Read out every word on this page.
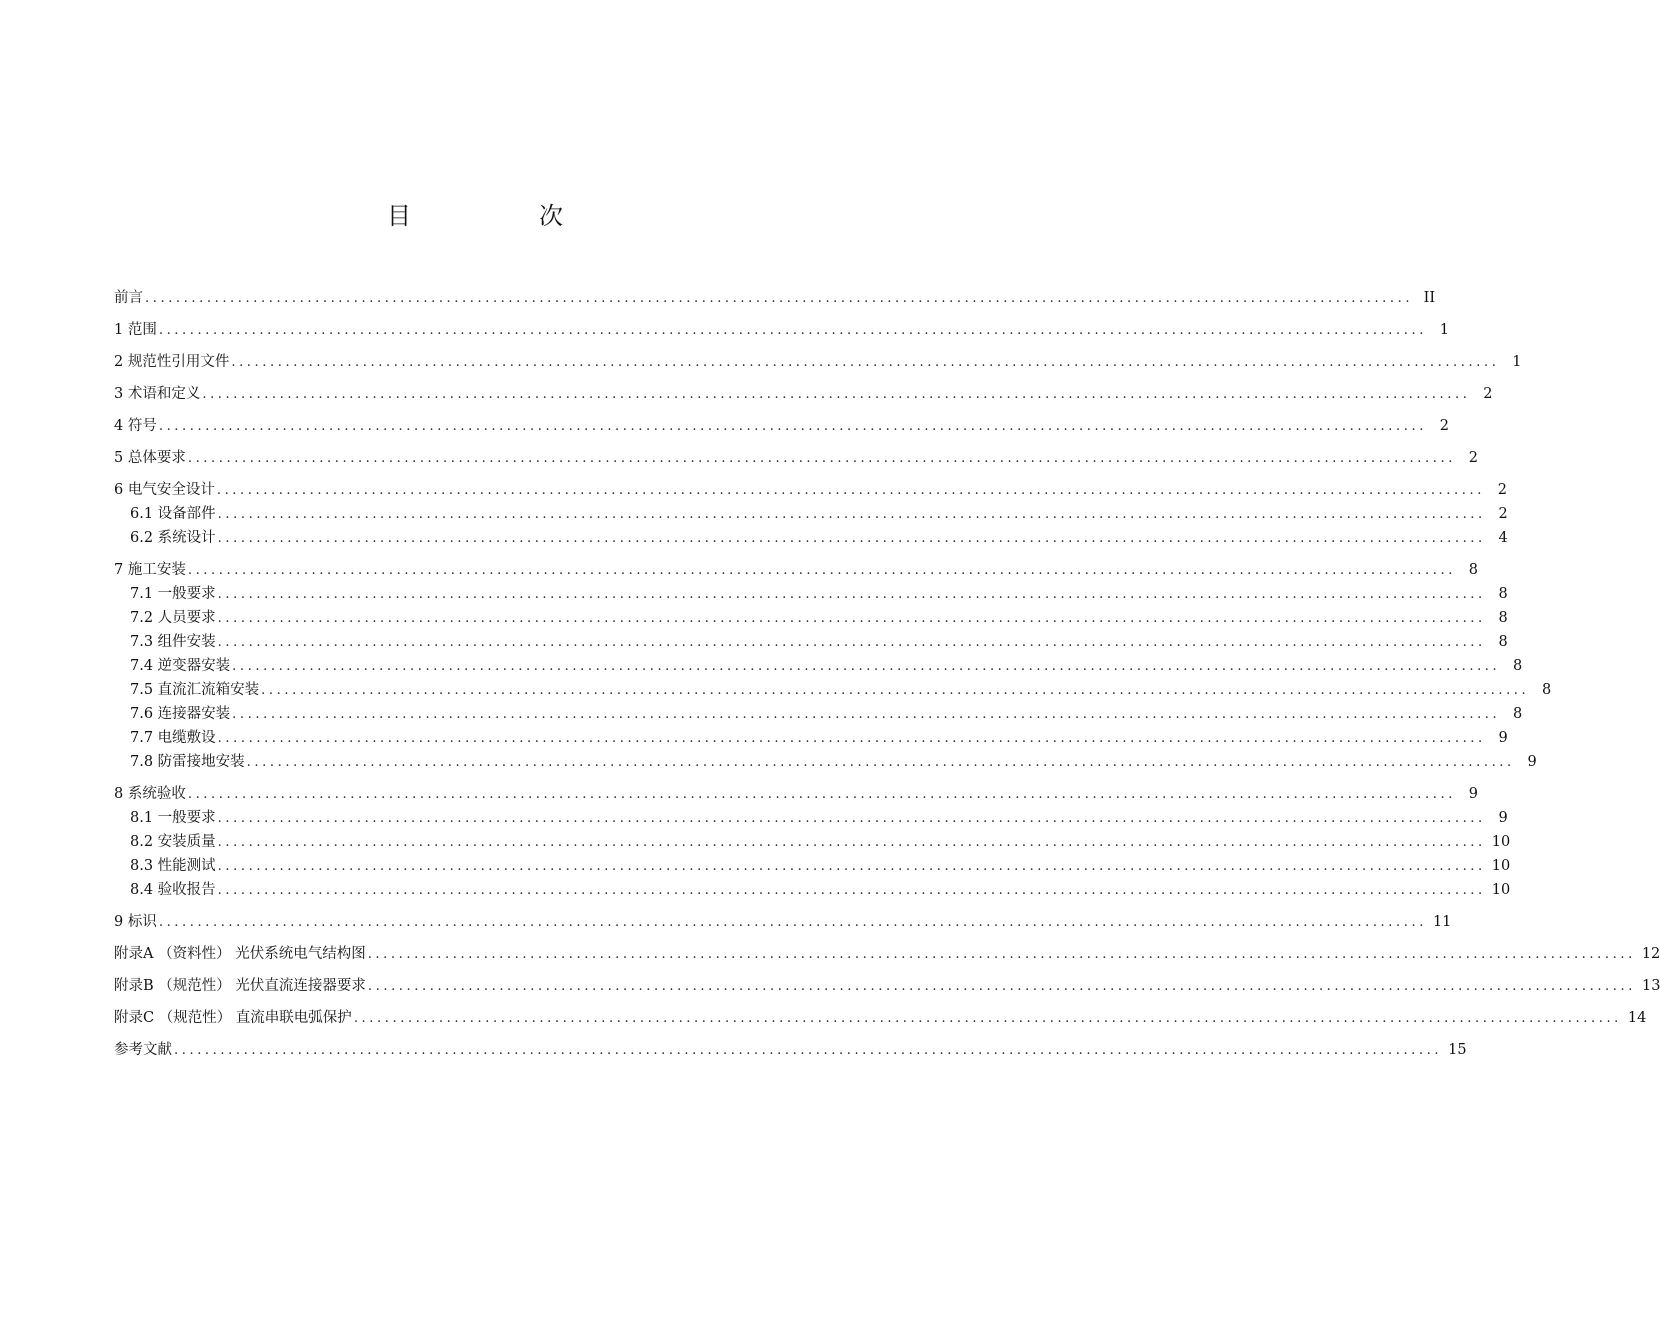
目　次
前言 .................................................................................................................................................................... II
1 范围 .................................................................................................................................................................... 1
2 规范性引用文件 .................................................................................................................................................................... 1
3 术语和定义 .................................................................................................................................................................... 2
4 符号 .................................................................................................................................................................... 2
5 总体要求 .................................................................................................................................................................... 2
6 电气安全设计 .................................................................................................................................................................... 2
6.1 设备部件 .................................................................................................................................................................... 2
6.2 系统设计 .................................................................................................................................................................... 4
7 施工安装 .................................................................................................................................................................... 8
7.1 一般要求 .................................................................................................................................................................... 8
7.2 人员要求 .................................................................................................................................................................... 8
7.3 组件安装 .................................................................................................................................................................... 8
7.4 逆变器安装 .................................................................................................................................................................... 8
7.5 直流汇流箱安装 .................................................................................................................................................................... 8
7.6 连接器安装 .................................................................................................................................................................... 8
7.7 电缆敷设 .................................................................................................................................................................... 9
7.8 防雷接地安装 .................................................................................................................................................................... 9
8 系统验收 .................................................................................................................................................................... 9
8.1 一般要求 .................................................................................................................................................................... 9
8.2 安装质量 .................................................................................................................................................................... 10
8.3 性能测试 .................................................................................................................................................................... 10
8.4 验收报告 .................................................................................................................................................................... 10
9 标识 .................................................................................................................................................................... 11
附录A （资料性） 光伏系统电气结构图 .................................................................................................................................................................... 12
附录B （规范性） 光伏直流连接器要求 .................................................................................................................................................................... 13
附录C （规范性） 直流串联电弧保护 .................................................................................................................................................................... 14
参考文献 .................................................................................................................................................................... 15
